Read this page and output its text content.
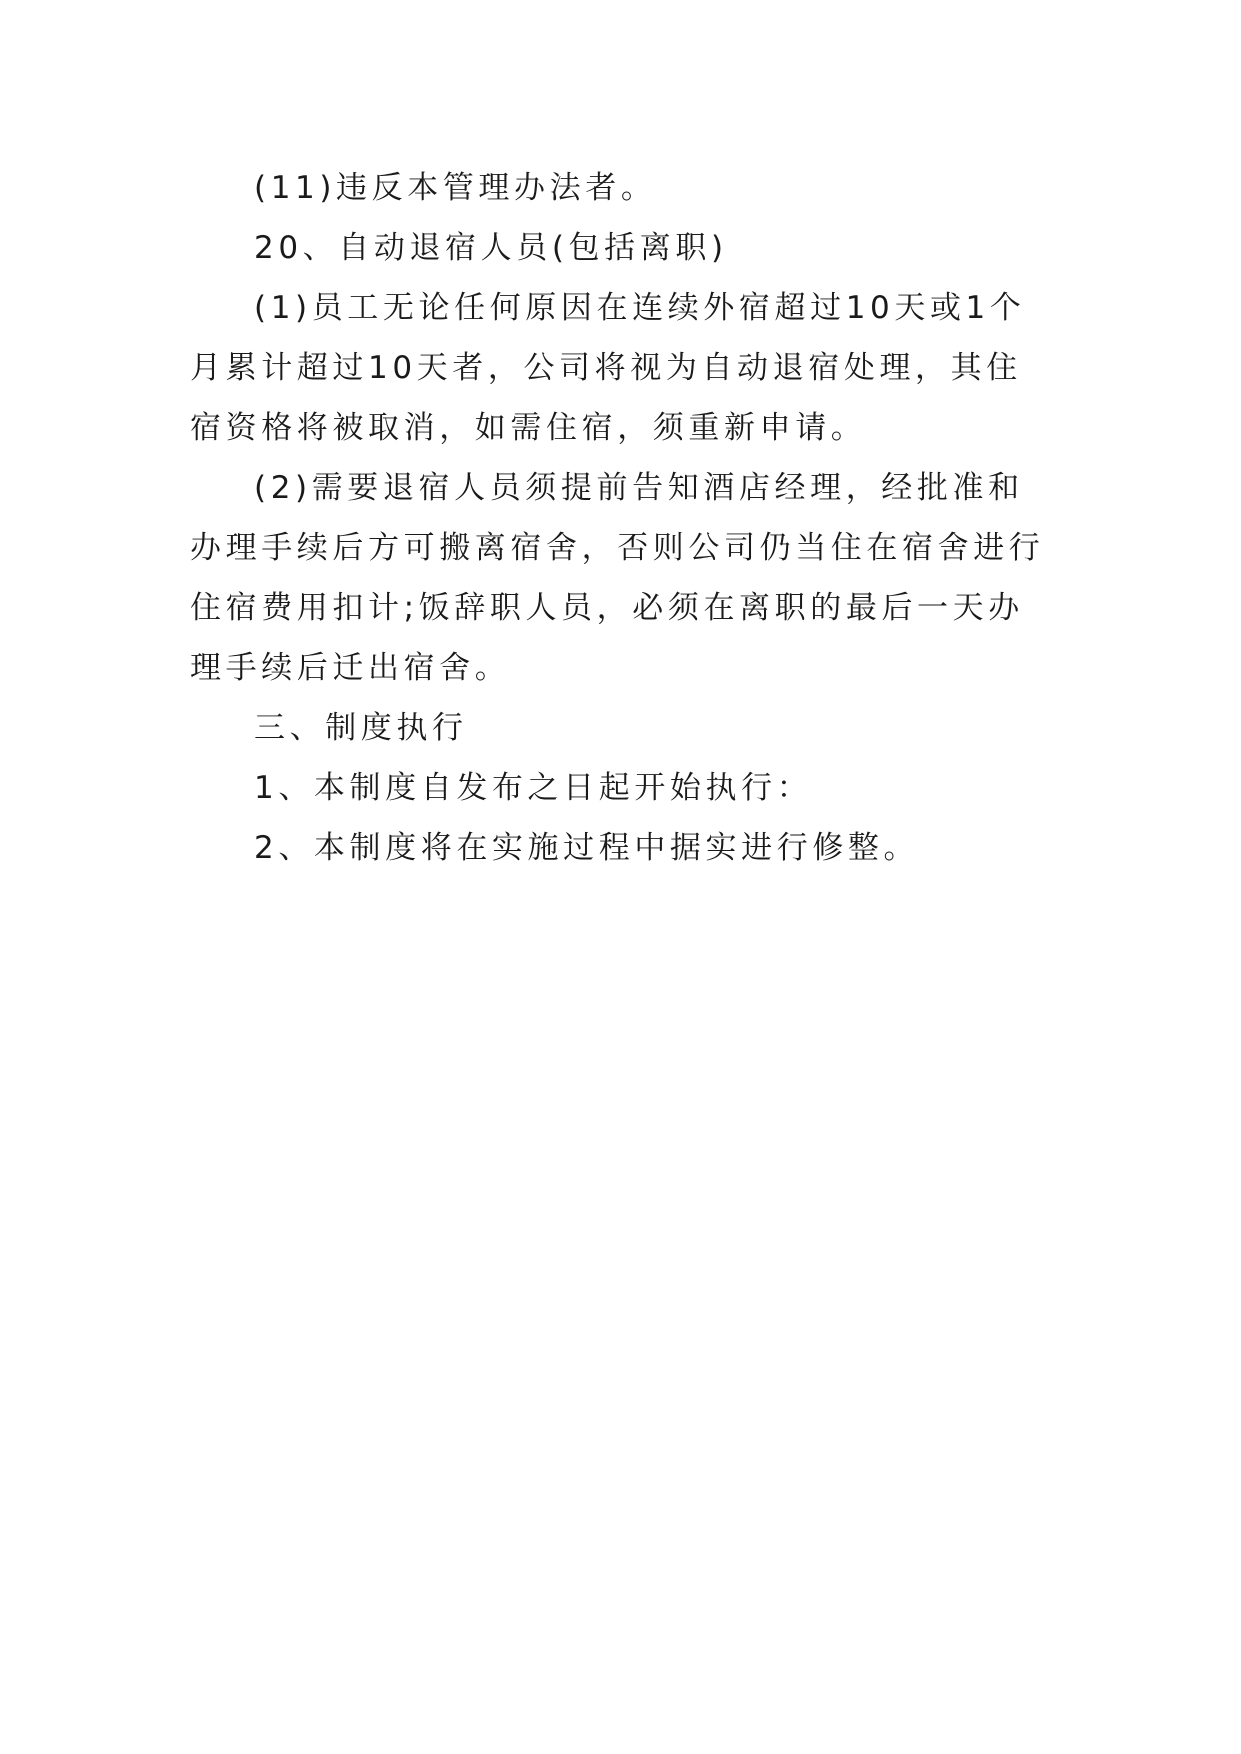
(11)违反本管理办法者。

20、自动退宿人员(包括离职)

(1)员工无论任何原因在连续外宿超过10天或1个月累计超过10天者，公司将视为自动退宿处理，其住宿资格将被取消，如需住宿，须重新申请。

(2)需要退宿人员须提前告知酒店经理，经批准和办理手续后方可搬离宿舍，否则公司仍当住在宿舍进行住宿费用扣计;饭辞职人员，必须在离职的最后一天办理手续后迁出宿舍。

三、制度执行

1、本制度自发布之日起开始执行：

2、本制度将在实施过程中据实进行修整。
